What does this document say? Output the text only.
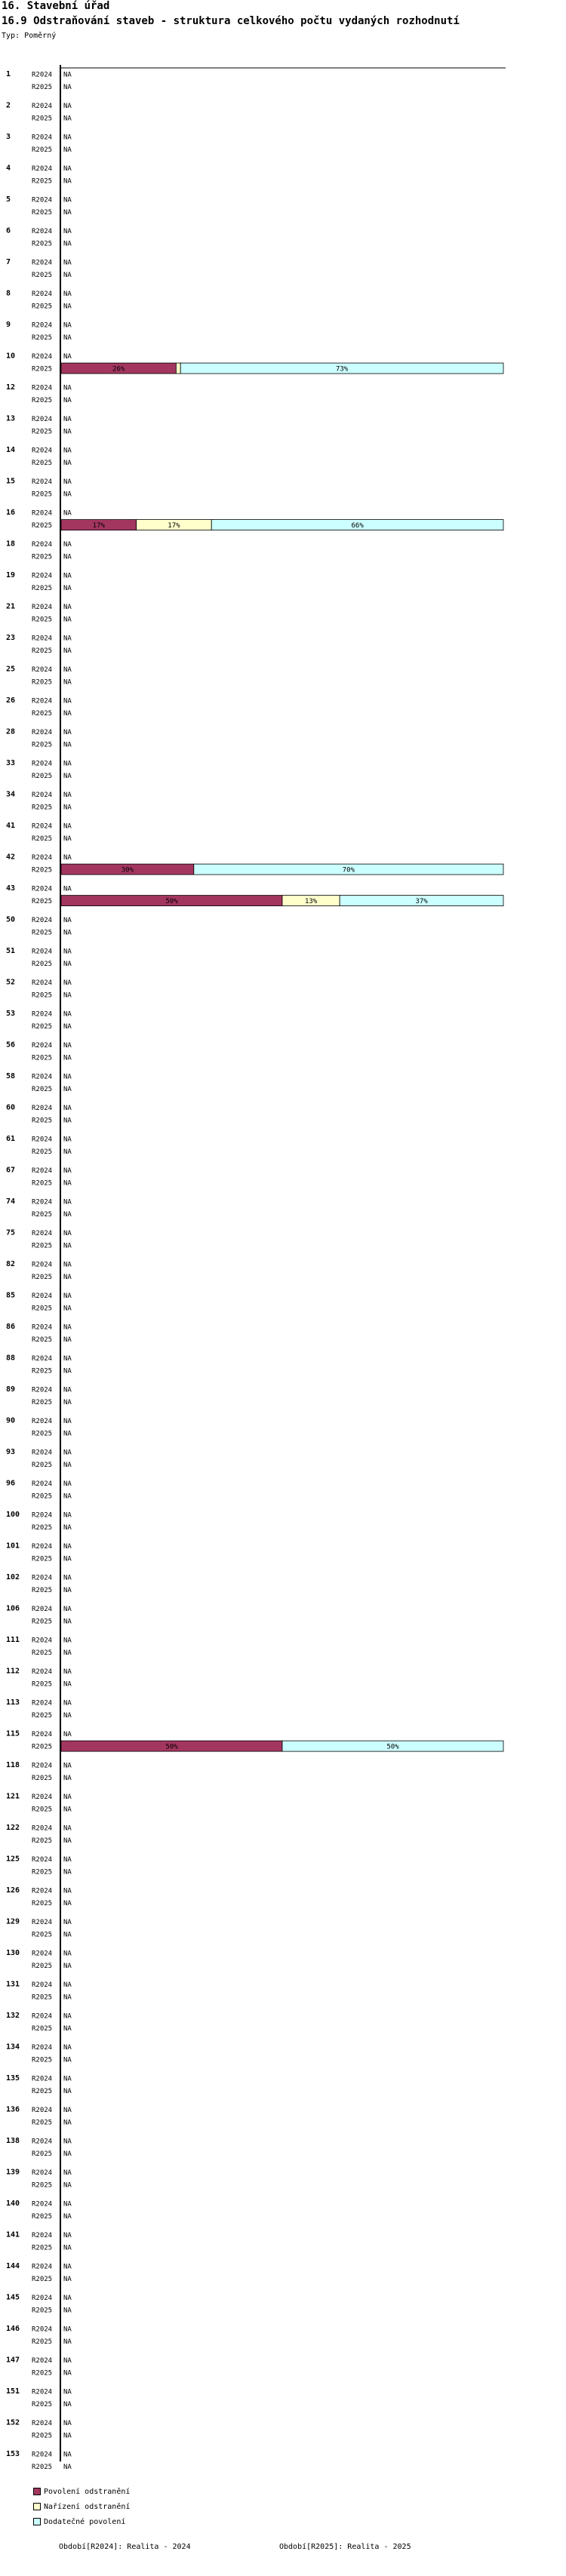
16. Stavební úřad
16.9 Odstraňování staveb - struktura celkového počtu vydaných rozhodnutí
Typ: Poměrný
1	R2024 NA
R2025 NA
2	R2024 NA
R2025 NA
3	R2024 NA
R2025 NA
4	R2024 NA
R2025 NA
5	R2024 NA
R2025 NA
6	R2024 NA
R2025 NA
7	R2024 NA
R2025 NA
8	R2024 NA
R2025 NA
9	R2024 NA
R2025 NA
10 R2024 NA
R2025	26%	73%
12 R2024 NA
R2025 NA
13 R2024 NA
R2025 NA
14 R2024 NA
R2025 NA
15 R2024 NA
R2025 NA
16 R2024 NA
R2025	17%	17%	66%
18 R2024 NA
R2025 NA
19 R2024 NA
R2025 NA
21 R2024 NA
R2025 NA
23 R2024 NA
R2025 NA
25 R2024 NA
R2025 NA
26 R2024 NA
R2025 NA
28 R2024 NA
R2025 NA
33 R2024 NA
R2025 NA
34 R2024 NA
R2025 NA
41 R2024 NA
R2025 NA
42 R2024 NA
R2025	30%	70%
43 R2024 NA
R2025	50%	13%	37%
50 R2024 NA
R2025 NA
51 R2024 NA
R2025 NA
52 R2024 NA
R2025 NA
53 R2024 NA
R2025 NA
56 R2024 NA
R2025 NA
58 R2024 NA
R2025 NA
60 R2024 NA
R2025 NA
61 R2024 NA
R2025 NA
67 R2024 NA
R2025 NA
74 R2024 NA
R2025 NA
75 R2024 NA
R2025 NA
82 R2024 NA
R2025 NA
85 R2024 NA
R2025 NA
86 R2024 NA
R2025 NA
88 R2024 NA
R2025 NA
89 R2024 NA
R2025 NA
90 R2024 NA
R2025 NA
93 R2024 NA
R2025 NA
96 R2024 NA
R2025 NA
100 R2024 NA
R2025 NA
101 R2024 NA
R2025 NA
102 R2024 NA
R2025 NA
106 R2024 NA
R2025 NA
111 R2024 NA
R2025 NA
112 R2024 NA
R2025 NA
113 R2024 NA
R2025 NA
115 R2024 NA
R2025	50%	50%
118 R2024 NA
R2025 NA
121 R2024 NA
R2025 NA
122 R2024 NA
R2025 NA
125 R2024 NA
R2025 NA
126 R2024 NA
R2025 NA
129 R2024 NA
R2025 NA
130 R2024 NA
R2025 NA
131 R2024 NA
R2025 NA
132 R2024 NA
R2025 NA
134 R2024 NA
R2025 NA
135 R2024 NA
R2025 NA
136 R2024 NA
R2025 NA
138 R2024 NA
R2025 NA
139 R2024 NA
R2025 NA
140 R2024 NA
R2025 NA
141 R2024 NA
R2025 NA
144 R2024 NA
R2025 NA
145 R2024 NA
R2025 NA
146 R2024 NA
R2025 NA
147 R2024 NA
R2025 NA
151 R2024 NA
R2025 NA
152 R2024 NA
R2025 NA
153 R2024 NA
R2025 NA
Povolení odstranění
Nařízení odstranění
Dodatečné povolení
Období[R2024]: Realita - 2024	Období[R2025]: Realita - 2025
